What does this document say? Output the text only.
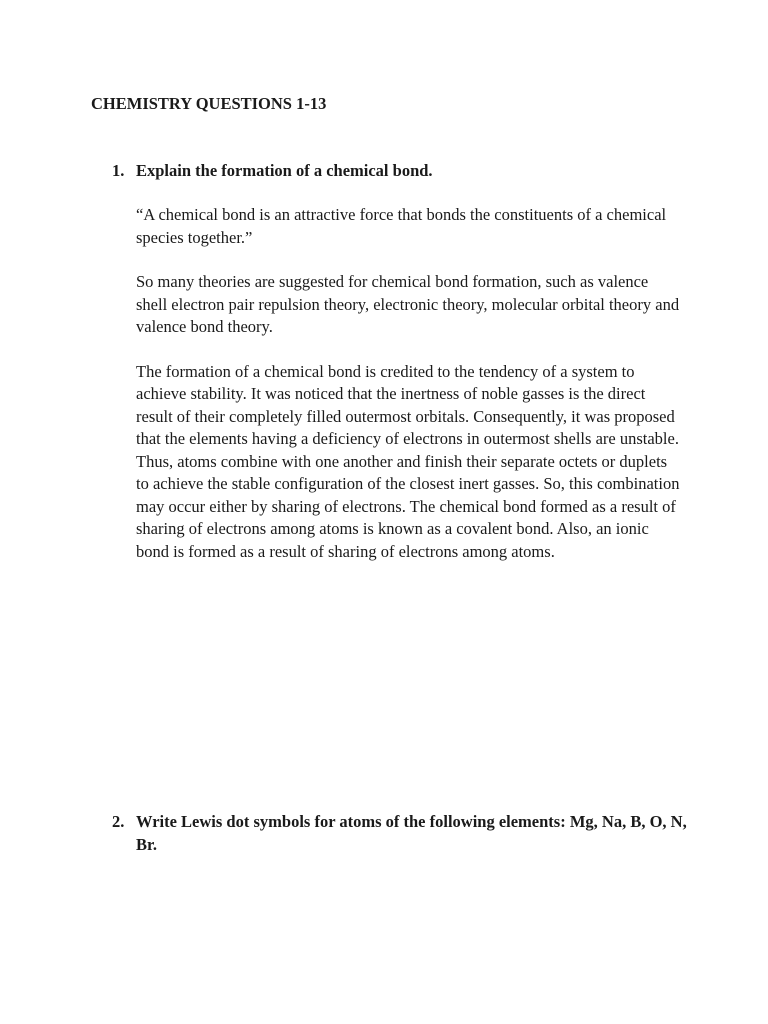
CHEMISTRY QUESTIONS 1-13
1. Explain the formation of a chemical bond.

“A chemical bond is an attractive force that bonds the constituents of a chemical species together.”

So many theories are suggested for chemical bond formation, such as valence shell electron pair repulsion theory, electronic theory, molecular orbital theory and valence bond theory.

The formation of a chemical bond is credited to the tendency of a system to achieve stability. It was noticed that the inertness of noble gasses is the direct result of their completely filled outermost orbitals. Consequently, it was proposed that the elements having a deficiency of electrons in outermost shells are unstable. Thus, atoms combine with one another and finish their separate octets or duplets to achieve the stable configuration of the closest inert gasses. So, this combination may occur either by sharing of electrons. The chemical bond formed as a result of sharing of electrons among atoms is known as a covalent bond. Also, an ionic bond is formed as a result of sharing of electrons among atoms.

2. Write Lewis dot symbols for atoms of the following elements: Mg, Na, B, O, N, Br.
